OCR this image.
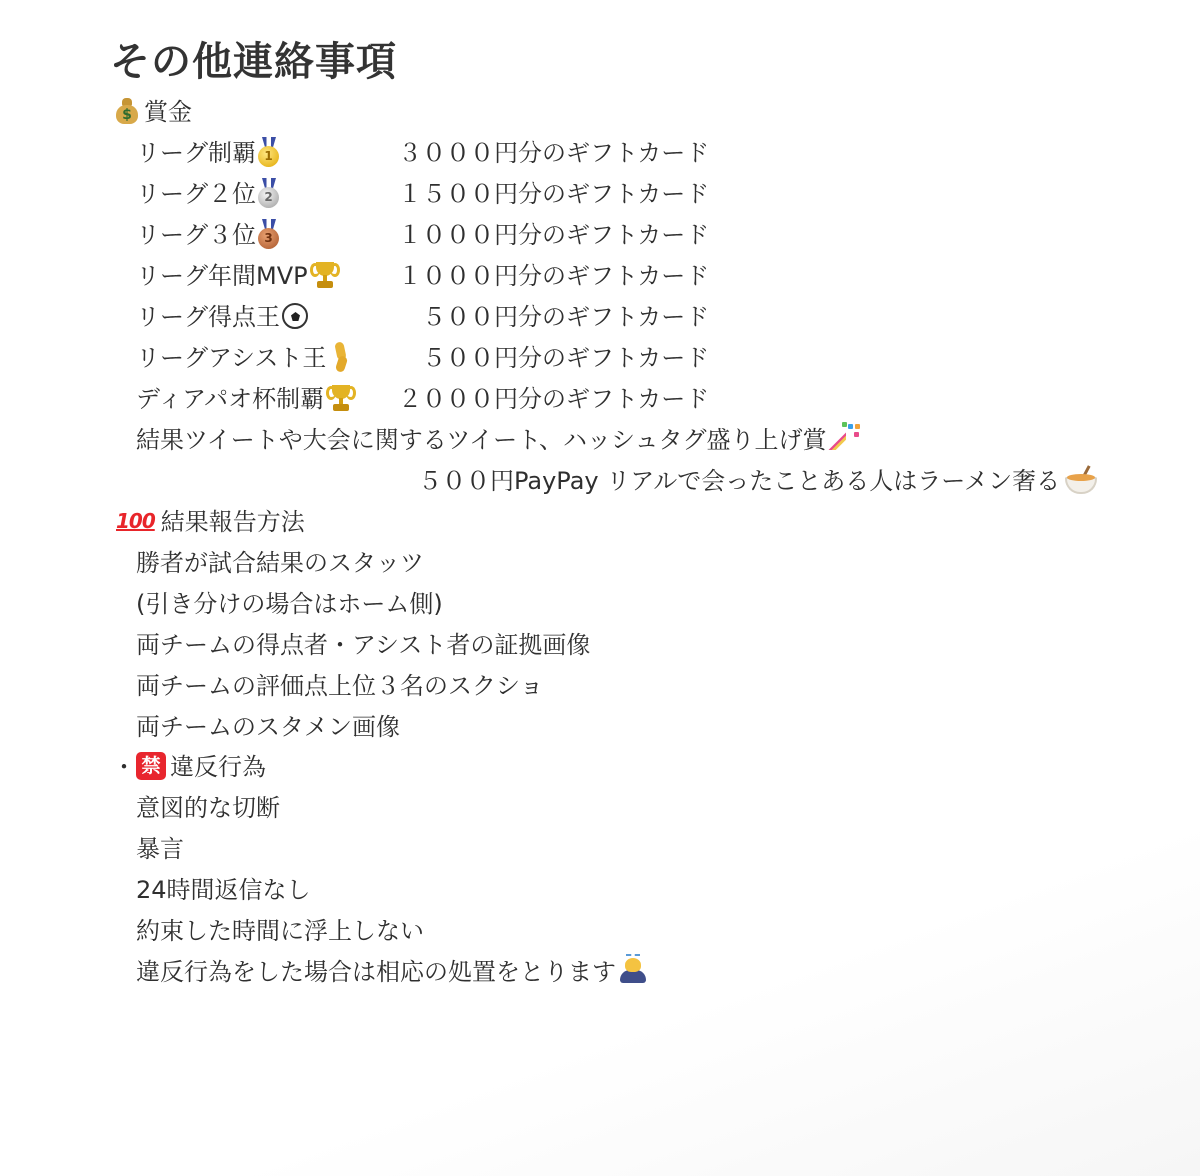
その他連絡事項
$ 賞金
リーグ制覇 1	３０００円分のギフトカード
リーグ２位 2	１５００円分のギフトカード
リーグ３位 3	１０００円分のギフトカード
リーグ年間MVP	１０００円分のギフトカード
リーグ得点王	５００円分のギフトカード
リーグアシスト王	５００円分のギフトカード
ディアパオ杯制覇	２０００円分のギフトカード
結果ツイートや大会に関するツイート、ハッシュタグ盛り上げ賞
５００円PayPay リアルで会ったことある人はラーメン奢る
100 結果報告方法
勝者が試合結果のスタッツ
(引き分けの場合はホーム側)
両チームの得点者・アシスト者の証拠画像
両チームの評価点上位３名のスクショ
両チームのスタメン画像
・ 禁 違反行為
意図的な切断
暴言
24時間返信なし
約束した時間に浮上しない
違反行為をした場合は相応の処置をとります
